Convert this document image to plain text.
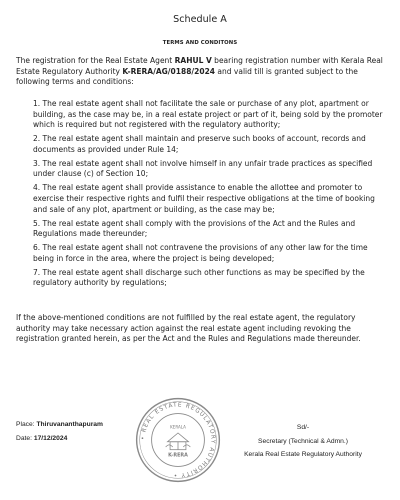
Schedule A
TERMS AND CONDITONS

The registration for the Real Estate Agent RAHUL V bearing registration number with Kerala Real Estate Regulatory Authority K-RERA/AG/0188/2024 and valid till is granted subject to the following terms and conditions:

1. The real estate agent shall not facilitate the sale or purchase of any plot, apartment or building, as the case may be, in a real estate project or part of it, being sold by the promoter which is required but not registered with the regulatory authority;
2. The real estate agent shall maintain and preserve such books of account, records and documents as provided under Rule 14;
3. The real estate agent shall not involve himself in any unfair trade practices as specified under clause (c) of Section 10;
4. The real estate agent shall provide assistance to enable the allottee and promoter to exercise their respective rights and fulfil their respective obligations at the time of booking and sale of any plot, apartment or building, as the case may be;
5. The real estate agent shall comply with the provisions of the Act and the Rules and Regulations made thereunder;
6. The real estate agent shall not contravene the provisions of any other law for the time being in force in the area, where the project is being developed;
7. The real estate agent shall discharge such other functions as may be specified by the regulatory authority by regulations;

If the above-mentioned conditions are not fulfilled by the real estate agent, the regulatory authority may take necessary action against the real estate agent including revoking the registration granted herein, as per the Act and the Rules and Regulations made thereunder.

Place: Thiruvananthapuram
Date: 17/12/2024	• REAL ESTATE REGULATORY AUTHORITY •
K-RERA
KERALA	Sd/-
Secretary (Technical & Admn.)
Kerala Real Estate Regulatory Authority
